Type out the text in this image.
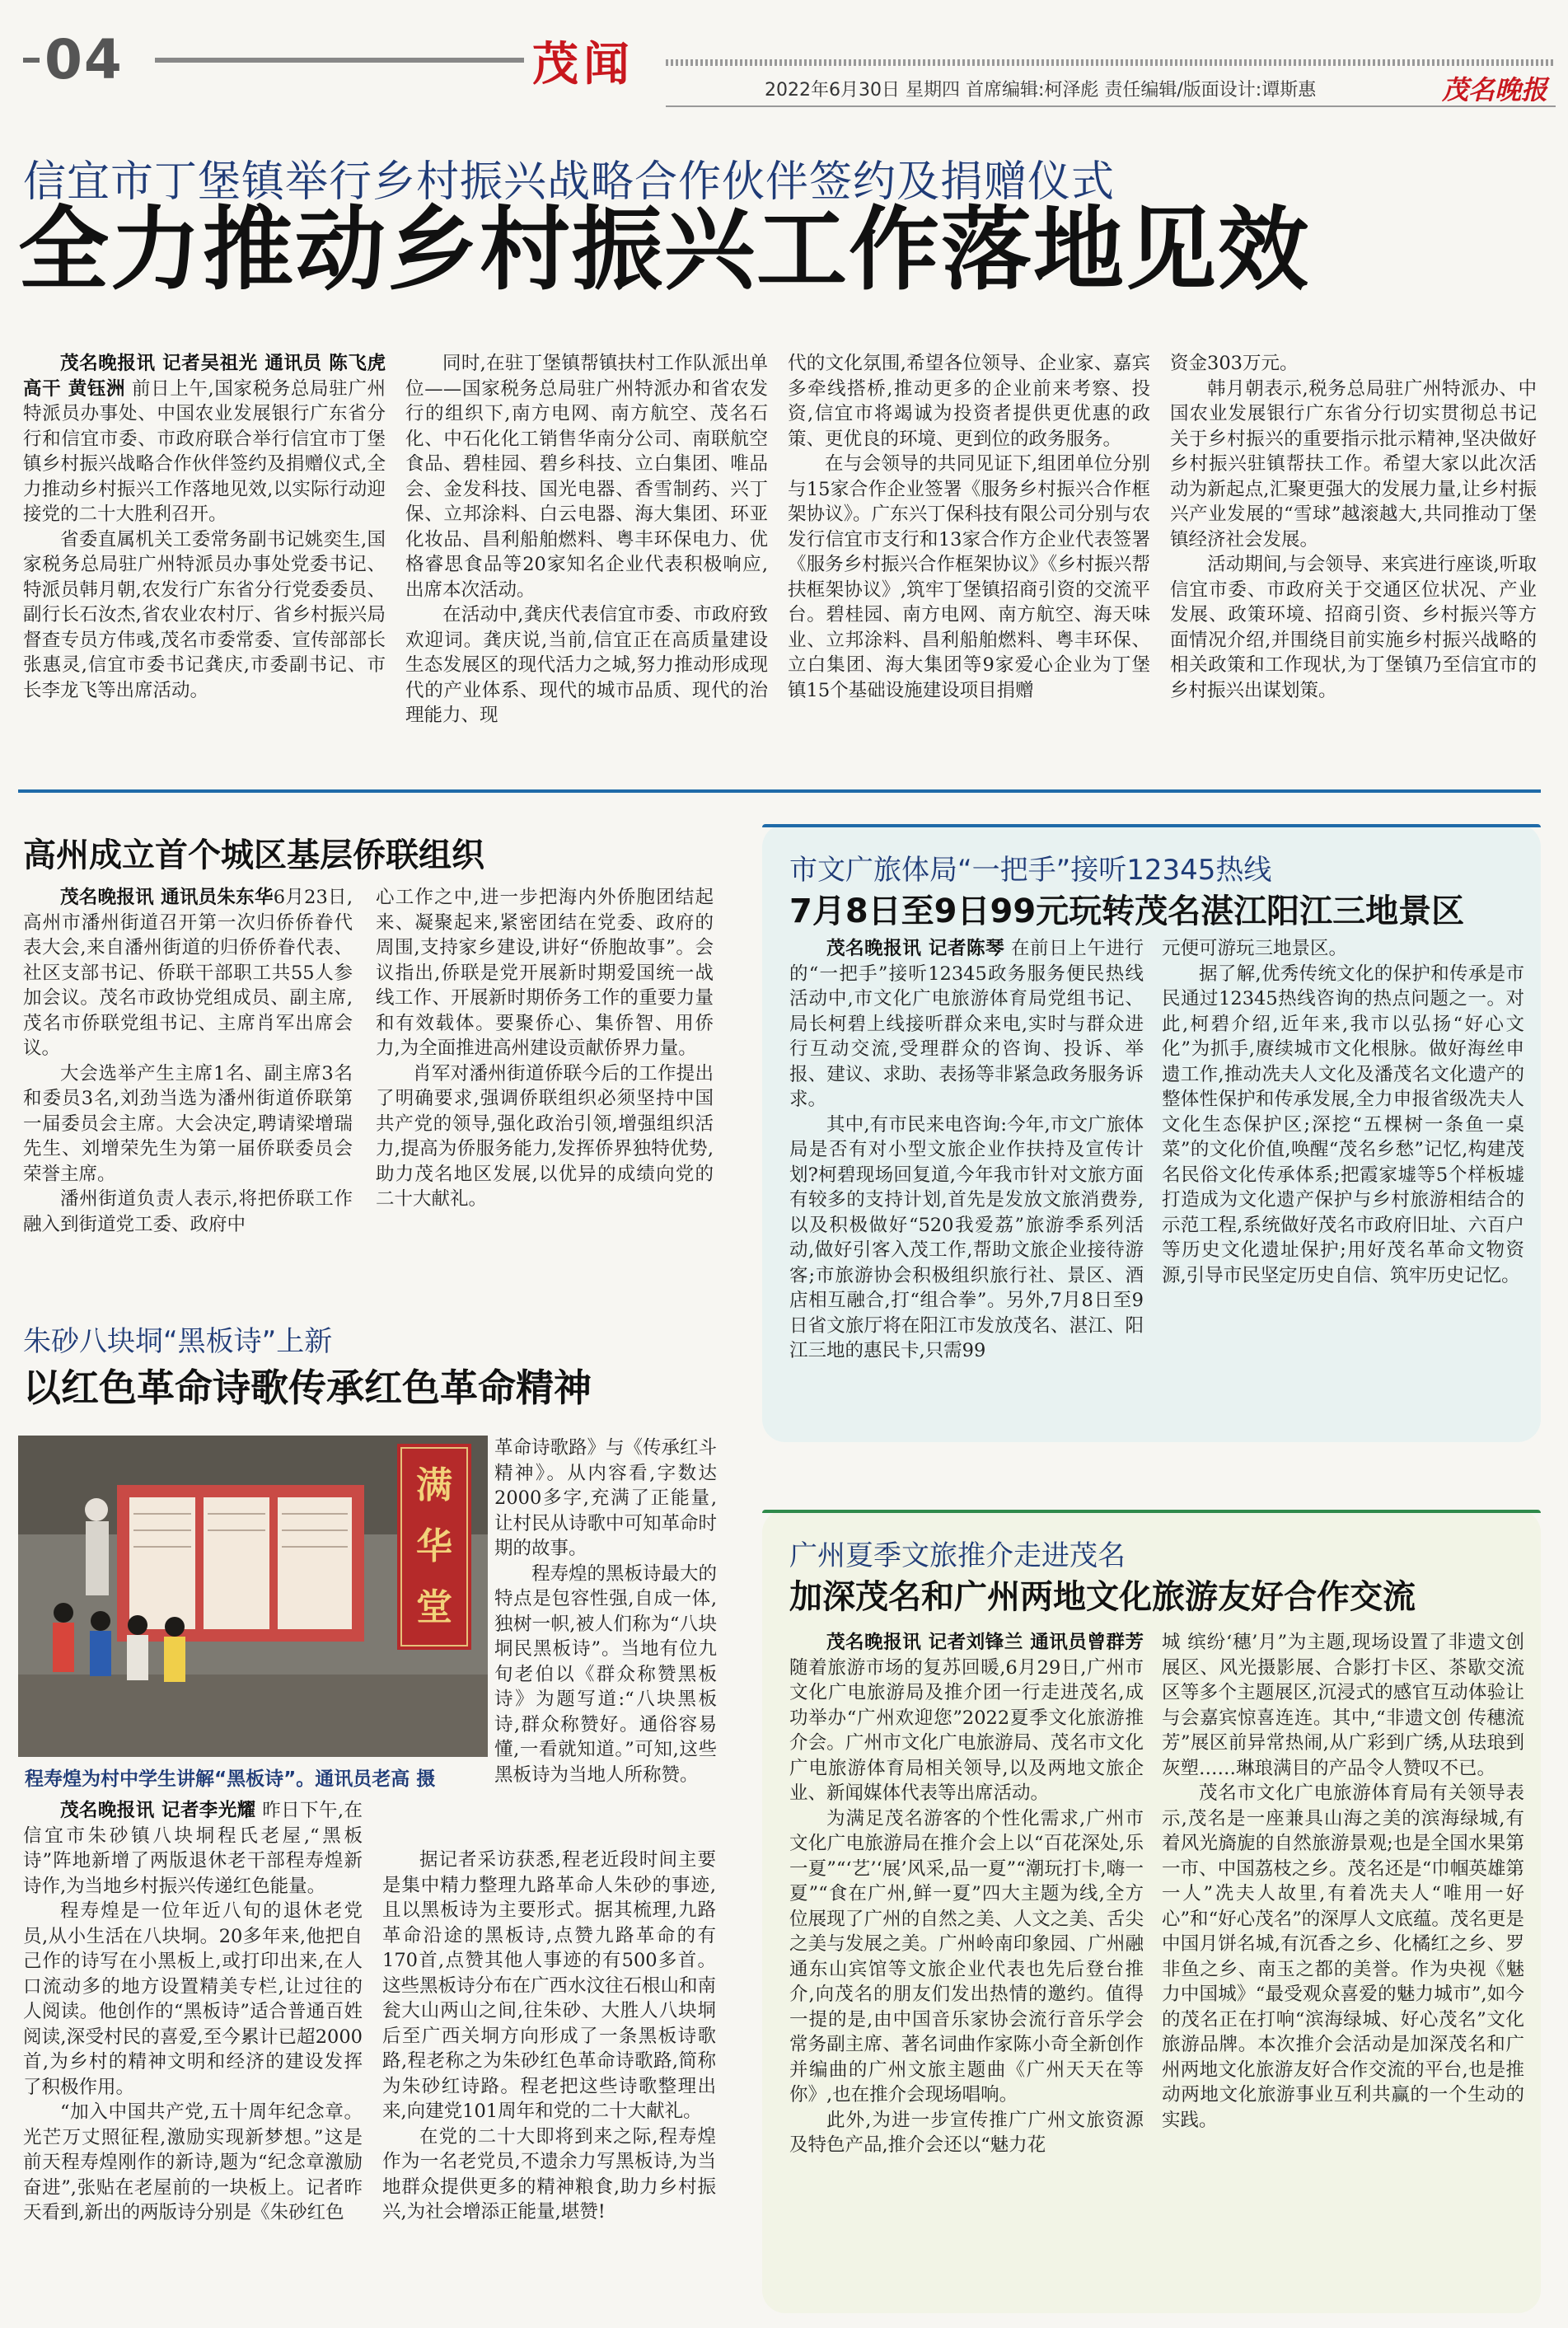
04	茂闻	2022年6月30日 星期四 首席编辑:柯泽彪 责任编辑/版面设计:谭斯惠	茂名晚报
信宜市丁堡镇举行乡村振兴战略合作伙伴签约及捐赠仪式
全力推动乡村振兴工作落地见效

茂名晚报讯 记者吴祖光 通讯员 陈飞虎 高干 黄钰洲 前日上午,国家税务总局驻广州特派员办事处、中国农业发展银行广东省分行和信宜市委、市政府联合举行信宜市丁堡镇乡村振兴战略合作伙伴签约及捐赠仪式,全力推动乡村振兴工作落地见效,以实际行动迎接党的二十大胜利召开。

省委直属机关工委常务副书记姚奕生,国家税务总局驻广州特派员办事处党委书记、特派员韩月朝,农发行广东省分行党委委员、副行长石汝杰,省农业农村厅、省乡村振兴局督查专员方伟彧,茂名市委常委、宣传部部长张惠灵,信宜市委书记龚庆,市委副书记、市长李龙飞等出席活动。

同时,在驻丁堡镇帮镇扶村工作队派出单位——国家税务总局驻广州特派办和省农发行的组织下,南方电网、南方航空、茂名石化、中石化化工销售华南分公司、南联航空食品、碧桂园、碧乡科技、立白集团、唯品会、金发科技、国光电器、香雪制药、兴丁保、立邦涂料、白云电器、海大集团、环亚化妆品、昌利船舶燃料、粤丰环保电力、优格睿思食品等20家知名企业代表积极响应,出席本次活动。

在活动中,龚庆代表信宜市委、市政府致欢迎词。龚庆说,当前,信宜正在高质量建设生态发展区的现代活力之城,努力推动形成现代的产业体系、现代的城市品质、现代的治理能力、现

代的文化氛围,希望各位领导、企业家、嘉宾多牵线搭桥,推动更多的企业前来考察、投资,信宜市将竭诚为投资者提供更优惠的政策、更优良的环境、更到位的政务服务。

在与会领导的共同见证下,组团单位分别与15家合作企业签署《服务乡村振兴合作框架协议》。广东兴丁保科技有限公司分别与农发行信宜市支行和13家合作方企业代表签署《服务乡村振兴合作框架协议》《乡村振兴帮扶框架协议》,筑牢丁堡镇招商引资的交流平台。碧桂园、南方电网、南方航空、海天味业、立邦涂料、昌利船舶燃料、粤丰环保、立白集团、海大集团等9家爱心企业为丁堡镇15个基础设施建设项目捐赠

资金303万元。

韩月朝表示,税务总局驻广州特派办、中国农业发展银行广东省分行切实贯彻总书记关于乡村振兴的重要指示批示精神,坚决做好乡村振兴驻镇帮扶工作。希望大家以此次活动为新起点,汇聚更强大的发展力量,让乡村振兴产业发展的“雪球”越滚越大,共同推动丁堡镇经济社会发展。

活动期间,与会领导、来宾进行座谈,听取信宜市委、市政府关于交通区位状况、产业发展、政策环境、招商引资、乡村振兴等方面情况介绍,并围绕目前实施乡村振兴战略的相关政策和工作现状,为丁堡镇乃至信宜市的乡村振兴出谋划策。

高州成立首个城区基层侨联组织

茂名晚报讯 通讯员朱东华6月23日,高州市潘州街道召开第一次归侨侨眷代表大会,来自潘州街道的归侨侨眷代表、社区支部书记、侨联干部职工共55人参加会议。茂名市政协党组成员、副主席,茂名市侨联党组书记、主席肖军出席会议。

大会选举产生主席1名、副主席3名和委员3名,刘劲当选为潘州街道侨联第一届委员会主席。大会决定,聘请梁增瑞先生、刘增荣先生为第一届侨联委员会荣誉主席。

潘州街道负责人表示,将把侨联工作融入到街道党工委、政府中

心工作之中,进一步把海内外侨胞团结起来、凝聚起来,紧密团结在党委、政府的周围,支持家乡建设,讲好“侨胞故事”。会议指出,侨联是党开展新时期爱国统一战线工作、开展新时期侨务工作的重要力量和有效载体。要聚侨心、集侨智、用侨力,为全面推进高州建设贡献侨界力量。

肖军对潘州街道侨联今后的工作提出了明确要求,强调侨联组织必须坚持中国共产党的领导,强化政治引领,增强组织活力,提高为侨服务能力,发挥侨界独特优势,助力茂名地区发展,以优异的成绩向党的二十大献礼。

朱砂八块垌“黑板诗”上新
以红色革命诗歌传承红色革命精神
满华堂
程寿煌为村中学生讲解“黑板诗”。通讯员老高 摄

茂名晚报讯 记者李光耀 昨日下午,在信宜市朱砂镇八块垌程氏老屋,“黑板诗”阵地新增了两版退休老干部程寿煌新诗作,为当地乡村振兴传递红色能量。

程寿煌是一位年近八旬的退休老党员,从小生活在八块垌。20多年来,他把自己作的诗写在小黑板上,或打印出来,在人口流动多的地方设置精美专栏,让过往的人阅读。他创作的“黑板诗”适合普通百姓阅读,深受村民的喜爱,至今累计已超2000首,为乡村的精神文明和经济的建设发挥了积极作用。

“加入中国共产党,五十周年纪念章。光芒万丈照征程,激励实现新梦想。”这是前天程寿煌刚作的新诗,题为“纪念章激励奋进”,张贴在老屋前的一块板上。记者昨天看到,新出的两版诗分别是《朱砂红色

革命诗歌路》与《传承红斗精神》。从内容看,字数达2000多字,充满了正能量,让村民从诗歌中可知革命时期的故事。

程寿煌的黑板诗最大的特点是包容性强,自成一体,独树一帜,被人们称为“八块垌民黑板诗”。当地有位九旬老伯以《群众称赞黑板诗》为题写道:“八块黑板诗,群众称赞好。通俗容易懂,一看就知道。”可知,这些黑板诗为当地人所称赞。

据记者采访获悉,程老近段时间主要是集中精力整理九路革命人朱砂的事迹,且以黑板诗为主要形式。据其梳理,九路革命沿途的黑板诗,点赞九路革命的有170首,点赞其他人事迹的有500多首。这些黑板诗分布在广西水汶往石根山和南瓮大山两山之间,往朱砂、大胜人八块垌后至广西关垌方向形成了一条黑板诗歌路,程老称之为朱砂红色革命诗歌路,简称为朱砂红诗路。程老把这些诗歌整理出来,向建党101周年和党的二十大献礼。

在党的二十大即将到来之际,程寿煌作为一名老党员,不遗余力写黑板诗,为当地群众提供更多的精神粮食,助力乡村振兴,为社会增添正能量,堪赞!

市文广旅体局“一把手”接听12345热线
7月8日至9日99元玩转茂名湛江阳江三地景区

茂名晚报讯 记者陈琴 在前日上午进行的“一把手”接听12345政务服务便民热线活动中,市文化广电旅游体育局党组书记、局长柯碧上线接听群众来电,实时与群众进行互动交流,受理群众的咨询、投诉、举报、建议、求助、表扬等非紧急政务服务诉求。

其中,有市民来电咨询:今年,市文广旅体局是否有对小型文旅企业作扶持及宣传计划?柯碧现场回复道,今年我市针对文旅方面有较多的支持计划,首先是发放文旅消费券,以及积极做好“520我爱荔”旅游季系列活动,做好引客入茂工作,帮助文旅企业接待游客;市旅游协会积极组织旅行社、景区、酒店相互融合,打“组合拳”。另外,7月8日至9日省文旅厅将在阳江市发放茂名、湛江、阳江三地的惠民卡,只需99

元便可游玩三地景区。

据了解,优秀传统文化的保护和传承是市民通过12345热线咨询的热点问题之一。对此,柯碧介绍,近年来,我市以弘扬“好心文化”为抓手,赓续城市文化根脉。做好海丝申遗工作,推动冼夫人文化及潘茂名文化遗产的整体性保护和传承发展,全力申报省级冼夫人文化生态保护区;深挖“五棵树一条鱼一桌菜”的文化价值,唤醒“茂名乡愁”记忆,构建茂名民俗文化传承体系;把霞家墟等5个样板墟打造成为文化遗产保护与乡村旅游相结合的示范工程,系统做好茂名市政府旧址、六百户等历史文化遗址保护;用好茂名革命文物资源,引导市民坚定历史自信、筑牢历史记忆。

广州夏季文旅推介走进茂名
加深茂名和广州两地文化旅游友好合作交流

茂名晚报讯 记者刘锋兰 通讯员曾群芳 随着旅游市场的复苏回暖,6月29日,广州市文化广电旅游局及推介团一行走进茂名,成功举办“广州欢迎您”2022夏季文化旅游推介会。广州市文化广电旅游局、茂名市文化广电旅游体育局相关领导,以及两地文旅企业、新闻媒体代表等出席活动。

为满足茂名游客的个性化需求,广州市文化广电旅游局在推介会上以“百花深处,乐一夏”“‘艺’‘展’风采,品一夏”“潮玩打卡,嗨一夏”“食在广州,鲜一夏”四大主题为线,全方位展现了广州的自然之美、人文之美、舌尖之美与发展之美。广州岭南印象园、广州融通东山宾馆等文旅企业代表也先后登台推介,向茂名的朋友们发出热情的邀约。值得一提的是,由中国音乐家协会流行音乐学会常务副主席、著名词曲作家陈小奇全新创作并编曲的广州文旅主题曲《广州天天在等你》,也在推介会现场唱响。

此外,为进一步宣传推广广州文旅资源及特色产品,推介会还以“魅力花

城 缤纷‘穗’月”为主题,现场设置了非遗文创展区、风光摄影展、合影打卡区、茶歇交流区等多个主题展区,沉浸式的感官互动体验让与会嘉宾惊喜连连。其中,“非遗文创 传穗流芳”展区前异常热闹,从广彩到广绣,从珐琅到灰塑……琳琅满目的产品令人赞叹不已。

茂名市文化广电旅游体育局有关领导表示,茂名是一座兼具山海之美的滨海绿城,有着风光旖旎的自然旅游景观;也是全国水果第一市、中国荔枝之乡。茂名还是“巾帼英雄第一人”冼夫人故里,有着冼夫人“唯用一好心”和“好心茂名”的深厚人文底蕴。茂名更是中国月饼名城,有沉香之乡、化橘红之乡、罗非鱼之乡、南玉之都的美誉。作为央视《魅力中国城》“最受观众喜爱的魅力城市”,如今的茂名正在打响“滨海绿城、好心茂名”文化旅游品牌。本次推介会活动是加深茂名和广州两地文化旅游友好合作交流的平台,也是推动两地文化旅游事业互利共赢的一个生动的实践。
